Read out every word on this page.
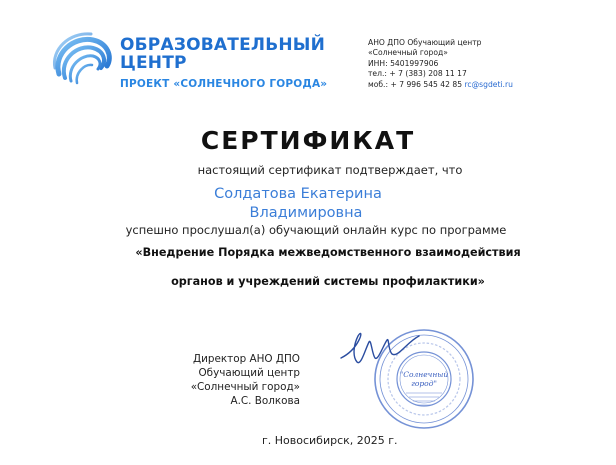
ОБРАЗОВАТЕЛЬНЫЙ
ЦЕНТР
ПРОЕКТ «СОЛНЕЧНОГО ГОРОДА»
АНО ДПО Обучающий центр
«Солнечный город»
ИНН: 5401997906
тел.: + 7 (383) 208 11 17
моб.: + 7 996 545 42 85 rc@sgdeti.ru
СЕРТИФИКАТ
настоящий сертификат подтверждает, что
Солдатова Екатерина
Владимировна
успешно прослушал(а) обучающий онлайн курс по программе
«Внедрение Порядка межведомственного взаимодействия
органов и учреждений системы профилактики»
Директор АНО ДПО
Обучающий центр
«Солнечный город»
А.С. Волкова
"Солнечный
город"
г. Новосибирск, 2025 г.
